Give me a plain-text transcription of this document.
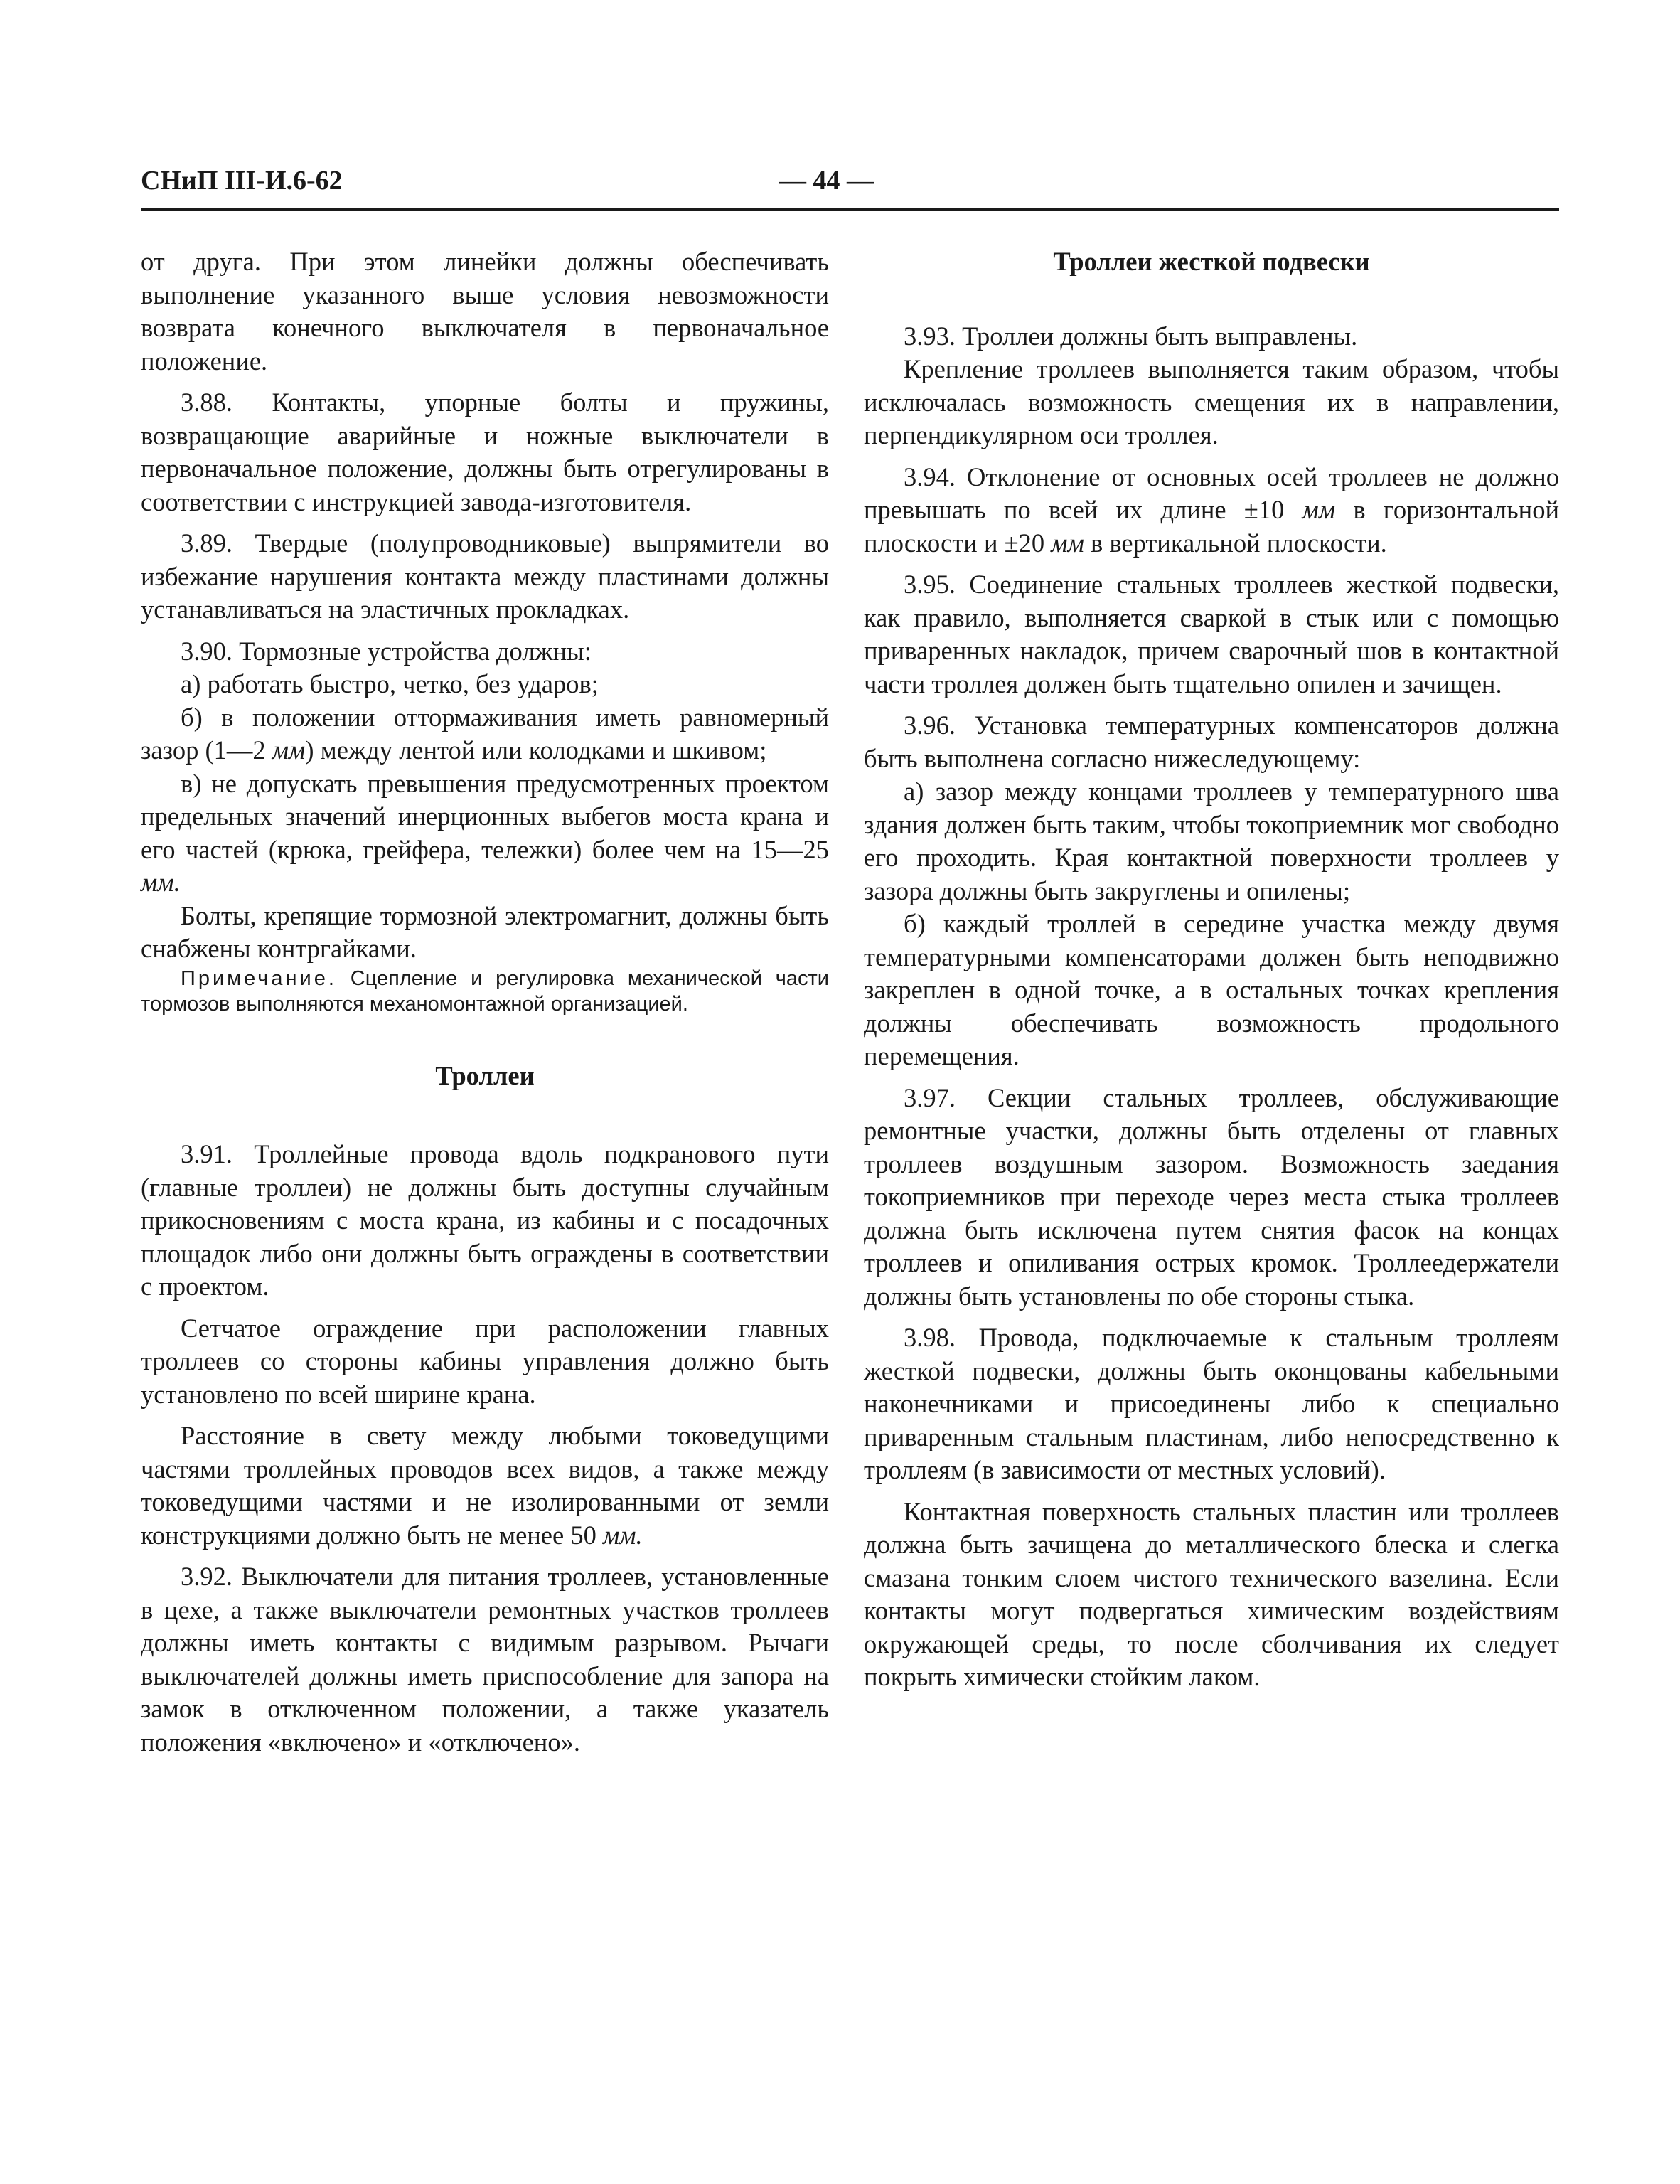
СНиП III-И.6-62	— 44 —

от друга. При этом линейки должны обеспечивать выполнение указанного выше условия невозможности возврата конечного выключателя в первоначальное положение.

3.88. Контакты, упорные болты и пружины, возвращающие аварийные и ножные выключатели в первоначальное положение, должны быть отрегулированы в соответствии с инструкцией завода-изготовителя.

3.89. Твердые (полупроводниковые) выпрямители во избежание нарушения контакта между пластинами должны устанавливаться на эластичных прокладках.

3.90. Тормозные устройства должны:

а) работать быстро, четко, без ударов;

б) в положении оттормаживания иметь равномерный зазор (1—2 мм) между лентой или колодками и шкивом;

в) не допускать превышения предусмотренных проектом предельных значений инерционных выбегов моста крана и его частей (крюка, грейфера, тележки) более чем на 15—25 мм.

Болты, крепящие тормозной электромагнит, должны быть снабжены контргайками.

Примечание. Сцепление и регулировка механической части тормозов выполняются механомонтажной организацией.

Троллеи

3.91. Троллейные провода вдоль подкранового пути (главные троллеи) не должны быть доступны случайным прикосновениям с моста крана, из кабины и с посадочных площадок либо они должны быть ограждены в соответствии с проектом.

Сетчатое ограждение при расположении главных троллеев со стороны кабины управления должно быть установлено по всей ширине крана.

Расстояние в свету между любыми токоведущими частями троллейных проводов всех видов, а также между токоведущими частями и не изолированными от земли конструкциями должно быть не менее 50 мм.

3.92. Выключатели для питания троллеев, установленные в цехе, а также выключатели ремонтных участков троллеев должны иметь контакты с видимым разрывом. Рычаги выключателей должны иметь приспособление для запора на замок в отключенном положении, а также указатель положения «включено» и «отключено».

Троллеи жесткой подвески

3.93. Троллеи должны быть выправлены.

Крепление троллеев выполняется таким образом, чтобы исключалась возможность смещения их в направлении, перпендикулярном оси троллея.

3.94. Отклонение от основных осей троллеев не должно превышать по всей их длине ±10 мм в горизонтальной плоскости и ±20 мм в вертикальной плоскости.

3.95. Соединение стальных троллеев жесткой подвески, как правило, выполняется сваркой в стык или с помощью приваренных накладок, причем сварочный шов в контактной части троллея должен быть тщательно опилен и зачищен.

3.96. Установка температурных компенсаторов должна быть выполнена согласно нижеследующему:

а) зазор между концами троллеев у температурного шва здания должен быть таким, чтобы токоприемник мог свободно его проходить. Края контактной поверхности троллеев у зазора должны быть закруглены и опилены;

б) каждый троллей в середине участка между двумя температурными компенсаторами должен быть неподвижно закреплен в одной точке, а в остальных точках крепления должны обеспечивать возможность продольного перемещения.

3.97. Секции стальных троллеев, обслуживающие ремонтные участки, должны быть отделены от главных троллеев воздушным зазором. Возможность заедания токоприемников при переходе через места стыка троллеев должна быть исключена путем снятия фасок на концах троллеев и опиливания острых кромок. Троллеедержатели должны быть установлены по обе стороны стыка.

3.98. Провода, подключаемые к стальным троллеям жесткой подвески, должны быть оконцованы кабельными наконечниками и присоединены либо к специально приваренным стальным пластинам, либо непосредственно к троллеям (в зависимости от местных условий).

Контактная поверхность стальных пластин или троллеев должна быть зачищена до металлического блеска и слегка смазана тонким слоем чистого технического вазелина. Если контакты могут подвергаться химическим воздействиям окружающей среды, то после сболчивания их следует покрыть химически стойким лаком.
